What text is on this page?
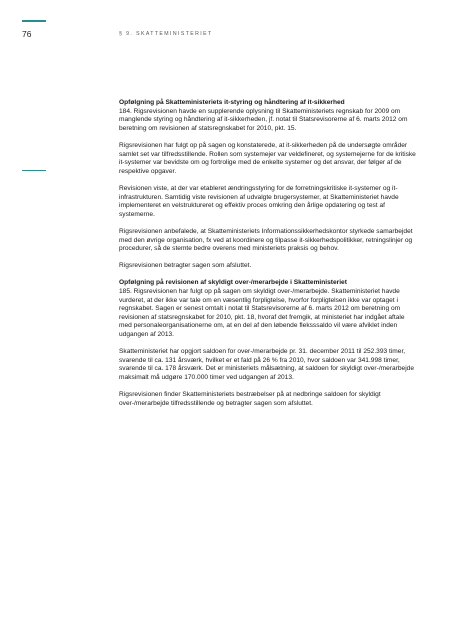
76	§ 9. SKATTEMINISTERIET

Opfølgning på Skatteministeriets it-styring og håndtering af it-sikkerhed
184. Rigsrevisionen havde en supplerende oplysning til Skatteministeriets regnskab for 2009 om manglende styring og håndtering af it-sikkerheden, jf. notat til Statsrevisorerne af 6. marts 2012 om beretning om revisionen af statsregnskabet for 2010, pkt. 15.

Rigsrevisionen har fulgt op på sagen og konstaterede, at it-sikkerheden på de undersøgte områder samlet set var tilfredsstillende. Rollen som systemejer var veldefineret, og systemejerne for de kritiske it-systemer var bevidste om og fortrolige med de enkelte systemer og det ansvar, der følger af de respektive opgaver.

Revisionen viste, at der var etableret ændringsstyring for de forretningskritiske it-systemer og it-infrastrukturen. Samtidig viste revisionen af udvalgte brugersystemer, at Skatteministeriet havde implementeret en velstruktureret og effektiv proces omkring den årlige opdatering og test af systemerne.

Rigsrevisionen anbefalede, at Skatteministeriets Informationssikkerhedskontor styrkede samarbejdet med den øvrige organisation, fx ved at koordinere og tilpasse it-sikkerhedspolitikker, retningslinjer og procedurer, så de stemte bedre overens med ministeriets praksis og behov.

Rigsrevisionen betragter sagen som afsluttet.

Opfølgning på revisionen af skyldigt over-/merarbejde i Skatteministeriet
185. Rigsrevisionen har fulgt op på sagen om skyldigt over-/merarbejde. Skatteministeriet havde vurderet, at der ikke var tale om en væsentlig forpligtelse, hvorfor forpligtelsen ikke var optaget i regnskabet. Sagen er senest omtalt i notat til Statsrevisorerne af 6. marts 2012 om beretning om revisionen af statsregnskabet for 2010, pkt. 18, hvoraf det fremgik, at ministeriet har indgået aftale med personaleorganisationerne om, at en del af den løbende fleksssaldo vil være afviklet inden udgangen af 2013.

Skatteministeriet har opgjort saldoen for over-/merarbejde pr. 31. december 2011 til 252.393 timer, svarende til ca. 131 årsværk, hvilket er et fald på 26 % fra 2010, hvor saldoen var 341.998 timer, svarende til ca. 178 årsværk. Det er ministeriets målsætning, at saldoen for skyldigt over-/merarbejde maksimalt må udgøre 170.000 timer ved udgangen af 2013.

Rigsrevisionen finder Skatteministeriets bestræbelser på at nedbringe saldoen for skyldigt over-/merarbejde tilfredsstillende og betragter sagen som afsluttet.
